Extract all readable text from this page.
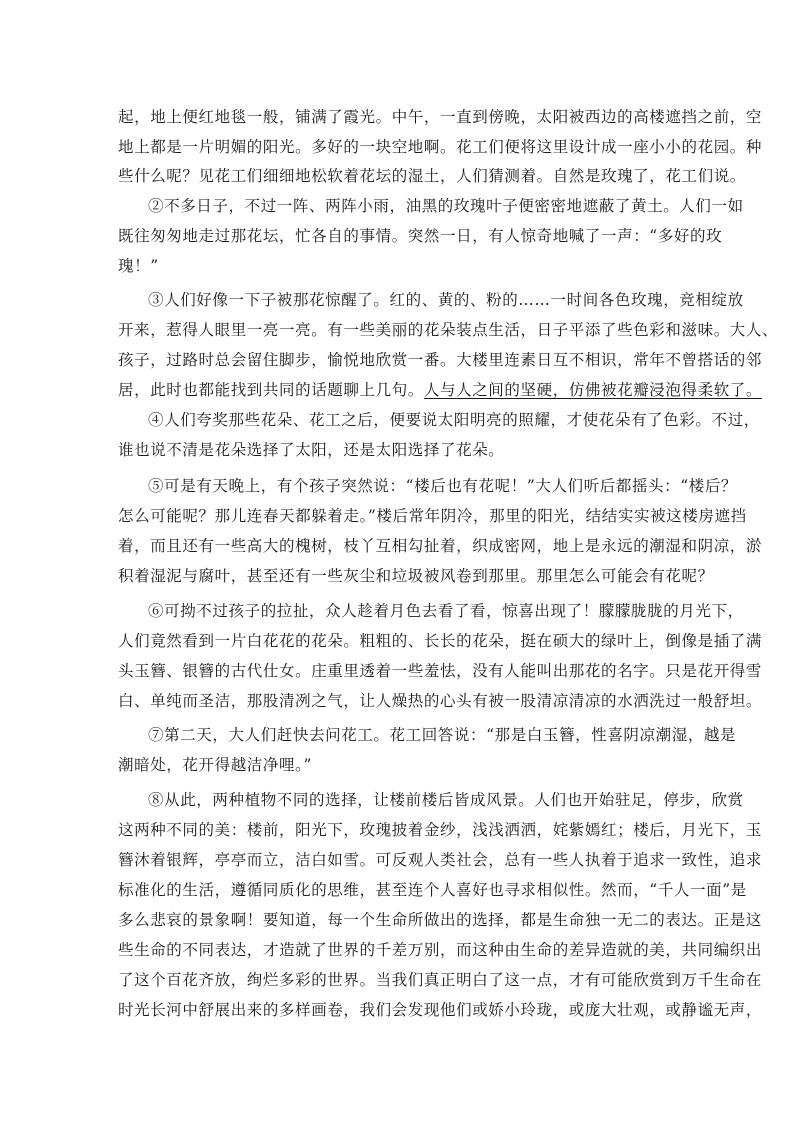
起，地上便红地毯一般，铺满了霞光。中午，一直到傍晚，太阳被西边的高楼遮挡之前，空
地上都是一片明媚的阳光。多好的一块空地啊。花工们便将这里设计成一座小小的花园。种
些什么呢？见花工们细细地松软着花坛的湿土，人们猜测着。自然是玫瑰了，花工们说。
②不多日子，不过一阵、两阵小雨，油黑的玫瑰叶子便密密地遮蔽了黄土。人们一如
既往匆匆地走过那花坛，忙各自的事情。突然一日，有人惊奇地喊了一声：“多好的玫
瑰！”
③人们好像一下子被那花惊醒了。红的、黄的、粉的……一时间各色玫瑰，竞相绽放
开来，惹得人眼里一亮一亮。有一些美丽的花朵装点生活，日子平添了些色彩和滋味。大人、
孩子，过路时总会留住脚步，愉悦地欣赏一番。大楼里连素日互不相识，常年不曾搭话的邻
居，此时也都能找到共同的话题聊上几句。人与人之间的坚硬，仿佛被花瓣浸泡得柔软了。
④人们夸奖那些花朵、花工之后，便要说太阳明亮的照耀，才使花朵有了色彩。不过，
谁也说不清是花朵选择了太阳，还是太阳选择了花朵。
⑤可是有天晚上，有个孩子突然说：“楼后也有花呢！”大人们听后都摇头：“楼后？
怎么可能呢？那儿连春天都躲着走。”楼后常年阴冷，那里的阳光，结结实实被这楼房遮挡
着，而且还有一些高大的槐树，枝丫互相勾扯着，织成密网，地上是永远的潮湿和阴凉，淤
积着湿泥与腐叶，甚至还有一些灰尘和垃圾被风卷到那里。那里怎么可能会有花呢？
⑥可拗不过孩子的拉扯，众人趁着月色去看了看，惊喜出现了！朦朦胧胧的月光下，
人们竟然看到一片白花花的花朵。粗粗的、长长的花朵，挺在硕大的绿叶上，倒像是插了满
头玉簪、银簪的古代仕女。庄重里透着一些羞怯，没有人能叫出那花的名字。只是花开得雪
白、单纯而圣洁，那股清冽之气，让人燥热的心头有被一股清凉清凉的水洒洗过一般舒坦。
⑦第二天，大人们赶快去问花工。花工回答说：“那是白玉簪，性喜阴凉潮湿，越是
潮暗处，花开得越洁净哩。”
⑧从此，两种植物不同的选择，让楼前楼后皆成风景。人们也开始驻足，停步，欣赏
这两种不同的美：楼前，阳光下，玫瑰披着金纱，浅浅洒洒，姹紫嫣红；楼后，月光下，玉
簪沐着银辉，亭亭而立，洁白如雪。可反观人类社会，总有一些人执着于追求一致性，追求
标准化的生活，遵循同质化的思维，甚至连个人喜好也寻求相似性。然而，“千人一面”是
多么悲哀的景象啊！要知道，每一个生命所做出的选择，都是生命独一无二的表达。正是这
些生命的不同表达，才造就了世界的千差万别，而这种由生命的差异造就的美，共同编织出
了这个百花齐放，绚烂多彩的世界。当我们真正明白了这一点，才有可能欣赏到万千生命在
时光长河中舒展出来的多样画卷，我们会发现他们或娇小玲珑，或庞大壮观，或静谧无声，
